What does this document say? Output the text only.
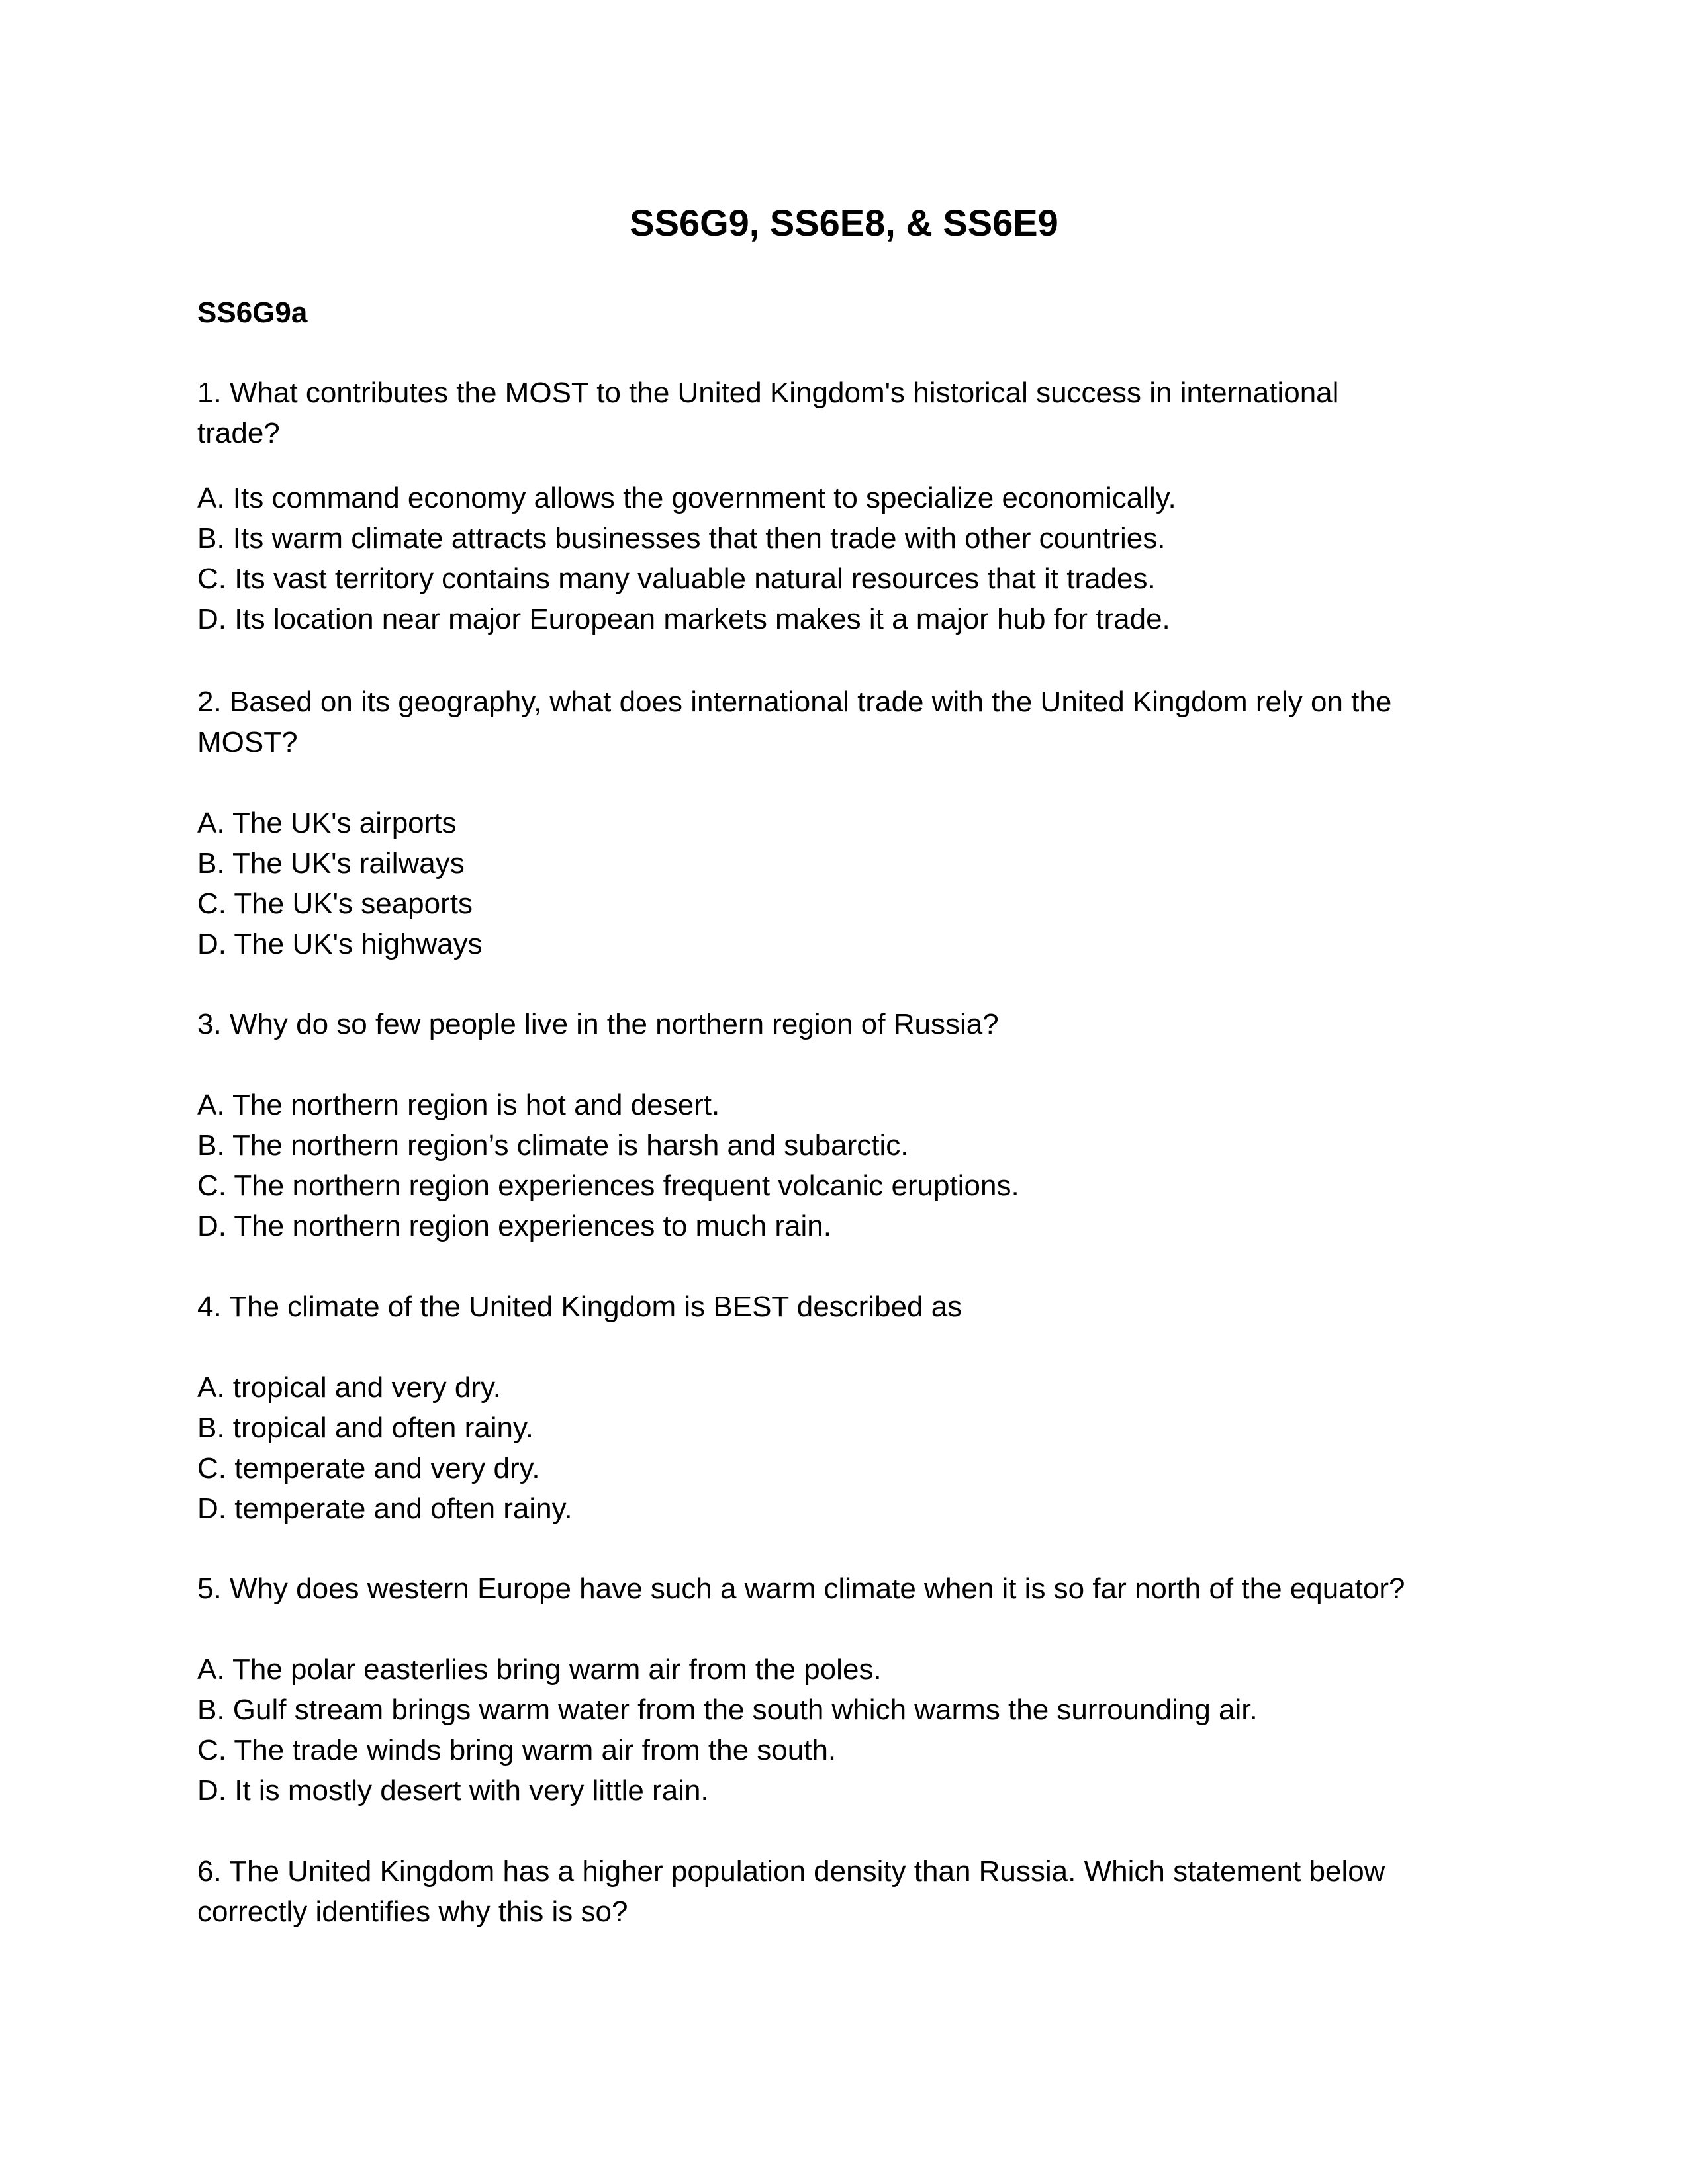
SS6G9, SS6E8, & SS6E9
SS6G9a

1. What contributes the MOST to the United Kingdom's historical success in international
trade?

A. Its command economy allows the government to specialize economically.
B. Its warm climate attracts businesses that then trade with other countries.
C. Its vast territory contains many valuable natural resources that it trades.
D. Its location near major European markets makes it a major hub for trade.

2. Based on its geography, what does international trade with the United Kingdom rely on the
MOST?

A. The UK's airports
B. The UK's railways
C. The UK's seaports
D. The UK's highways

3. Why do so few people live in the northern region of Russia?

A. The northern region is hot and desert.
B. The northern region’s climate is harsh and subarctic.
C. The northern region experiences frequent volcanic eruptions.
D. The northern region experiences to much rain.

4. The climate of the United Kingdom is BEST described as

A. tropical and very dry.
B. tropical and often rainy.
C. temperate and very dry.
D. temperate and often rainy.

5. Why does western Europe have such a warm climate when it is so far north of the equator?

A. The polar easterlies bring warm air from the poles.
B. Gulf stream brings warm water from the south which warms the surrounding air.
C. The trade winds bring warm air from the south.
D. It is mostly desert with very little rain.

6. The United Kingdom has a higher population density than Russia. Which statement below
correctly identifies why this is so?
